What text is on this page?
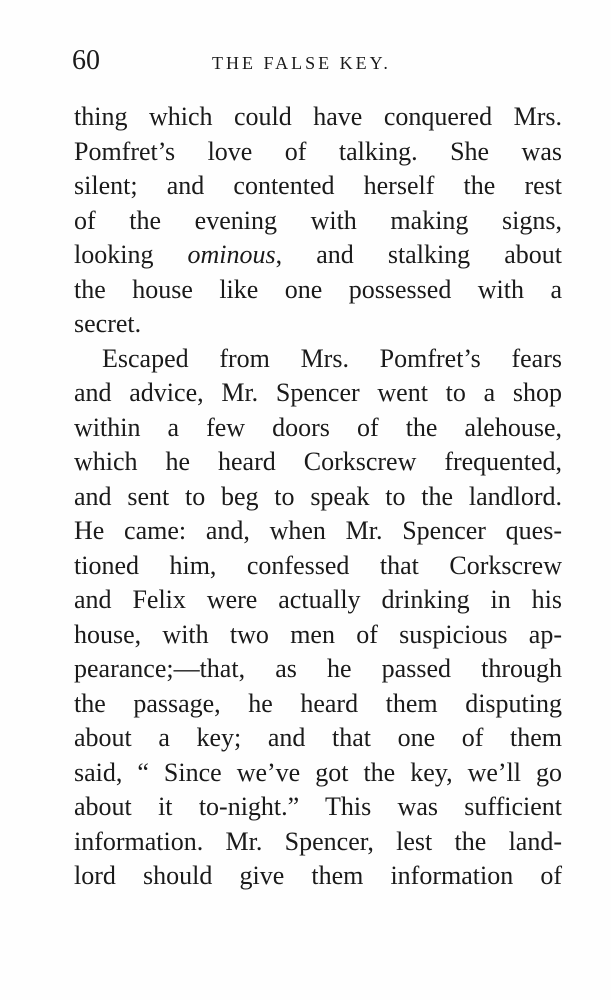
60	THE FALSE KEY.
thing which could have conquered Mrs.
Pomfret’s love of talking. She was
silent; and contented herself the rest
of the evening with making signs,
looking ominous, and stalking about
the house like one possessed with a
secret.
Escaped from Mrs. Pomfret’s fears
and advice, Mr. Spencer went to a shop
within a few doors of the alehouse,
which he heard Corkscrew frequented,
and sent to beg to speak to the landlord.
He came: and, when Mr. Spencer ques-
tioned him, confessed that Corkscrew
and Felix were actually drinking in his
house, with two men of suspicious ap-
pearance;—that, as he passed through
the passage, he heard them disputing
about a key; and that one of them
said, “ Since we’ve got the key, we’ll go
about it to-night.” This was sufficient
information. Mr. Spencer, lest the land-
lord should give them information of
